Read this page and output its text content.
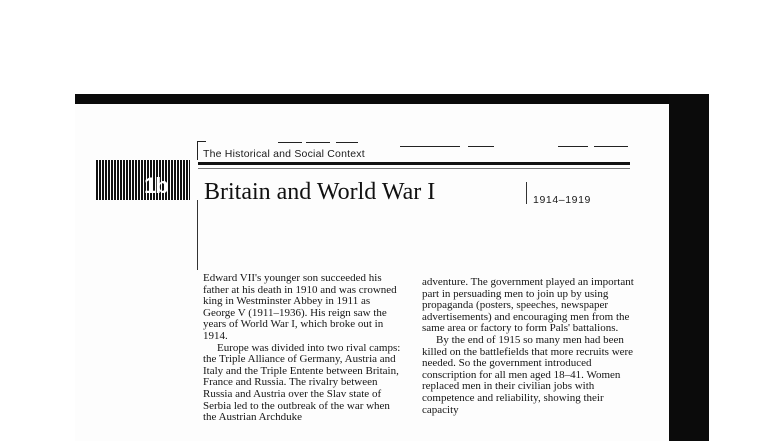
The Historical and Social Context
1b Britain and World War I	1914–1919

Edward VII's younger son succeeded his father at his death in 1910 and was crowned king in Westminster Abbey in 1911 as George V (1911–1936). His reign saw the years of World War I, which broke out in 1914.

Europe was divided into two rival camps: the Triple Alliance of Germany, Austria and Italy and the Triple Entente between Britain, France and Russia. The rivalry between Russia and Austria over the Slav state of Serbia led to the outbreak of the war when the Austrian Archduke

adventure. The government played an important part in persuading men to join up by using propaganda (posters, speeches, newspaper advertisements) and encouraging men from the same area or factory to form Pals' battalions.

By the end of 1915 so many men had been killed on the battlefields that more recruits were needed. So the government introduced conscription for all men aged 18–41. Women replaced men in their civilian jobs with competence and reliability, showing their capacity
